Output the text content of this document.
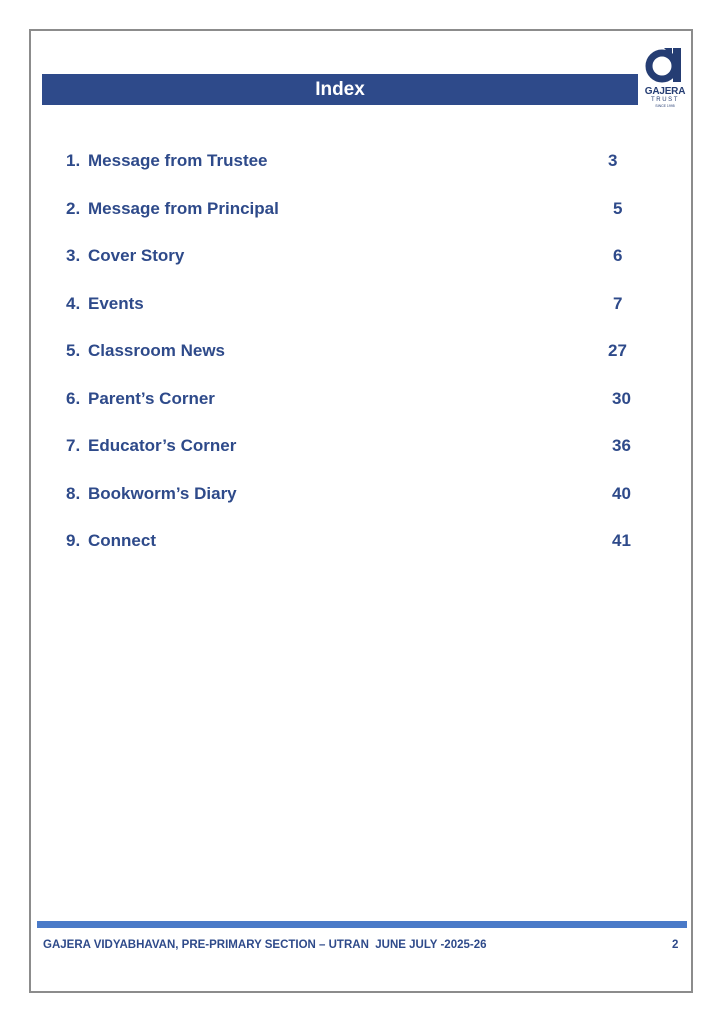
Index	GAJERA
TRUST
SINCE 1995
1. Message from Trustee	3
2. Message from Principal	5
3. Cover Story	6
4. Events	7
5. Classroom News	27
6. Parent’s Corner	30
7. Educator’s Corner	36
8. Bookworm’s Diary	40
9. Connect	41
GAJERA VIDYABHAVAN, PRE-PRIMARY SECTION – UTRAN  JUNE JULY -2025-26	2
